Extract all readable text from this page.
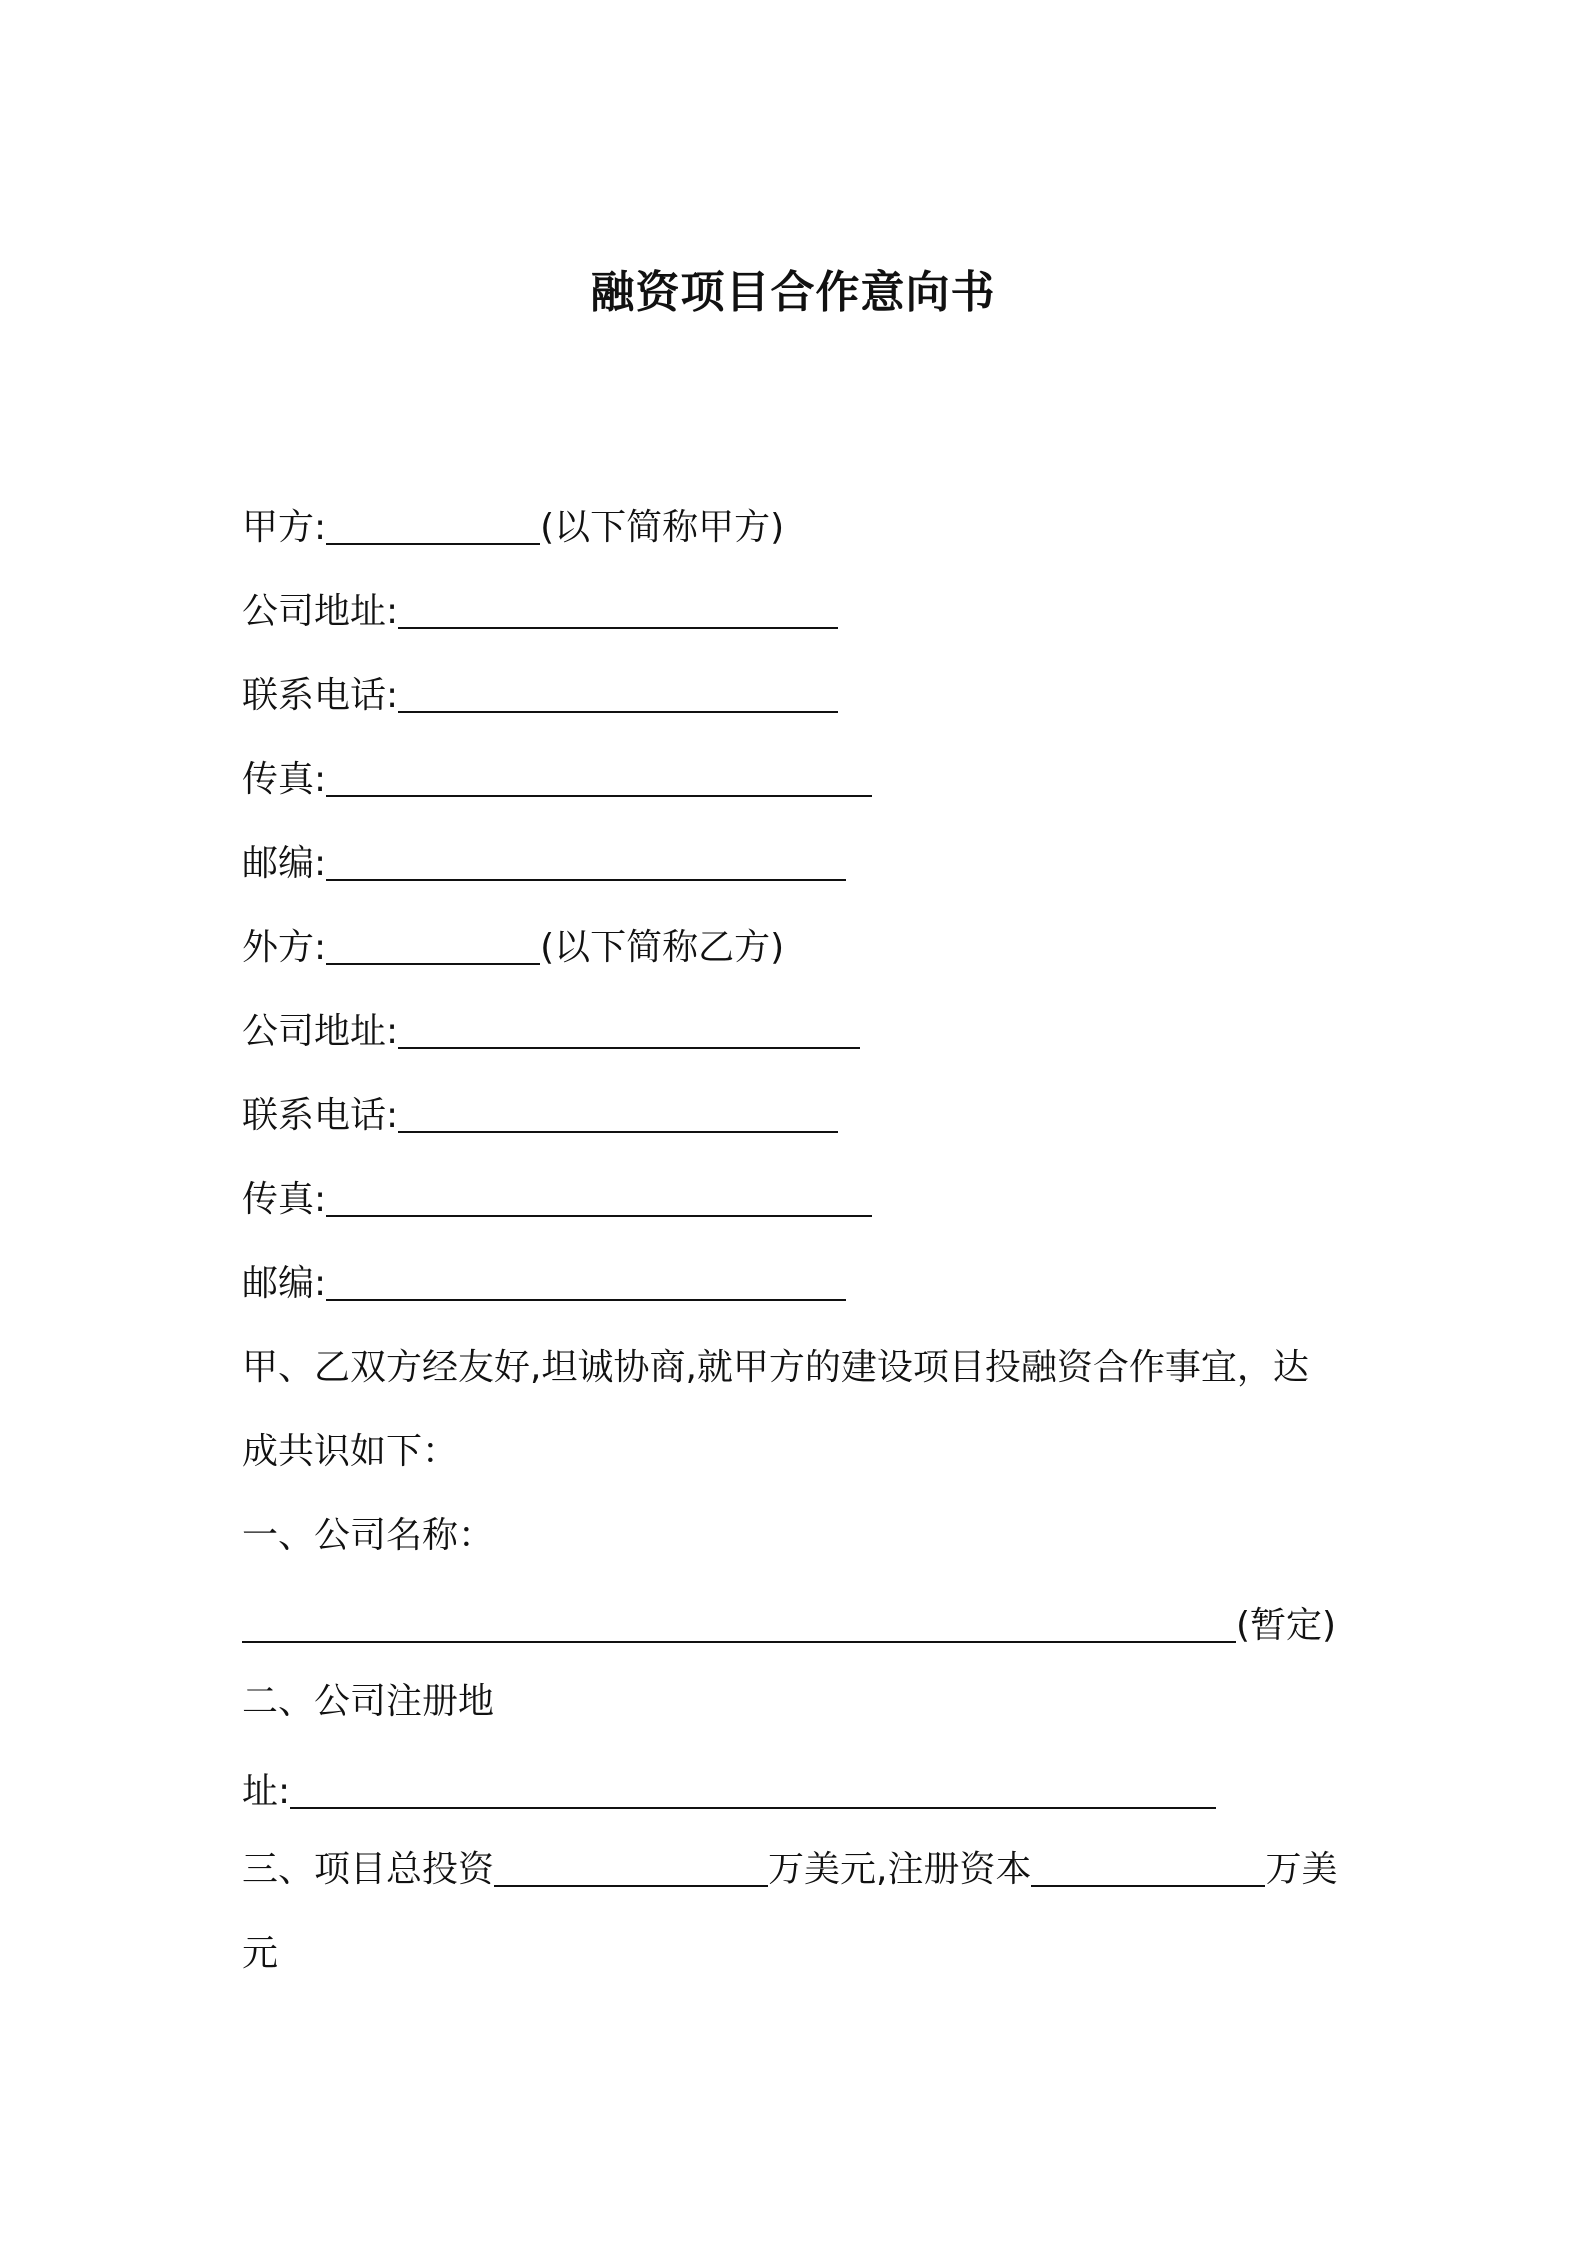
融资项目合作意向书

甲方:	(以下简称甲方)

公司地址:

联系电话:

传真:

邮编:

外方:	(以下简称乙方)

公司地址:

联系电话:

传真:

邮编:

甲、乙双方经友好,坦诚协商,就甲方的建设项目投融资合作事宜，达

成共识如下：

一、公司名称：

(暂定)

二、公司注册地

址:

三、项目总投资	万美元,注册资本	万美

元
